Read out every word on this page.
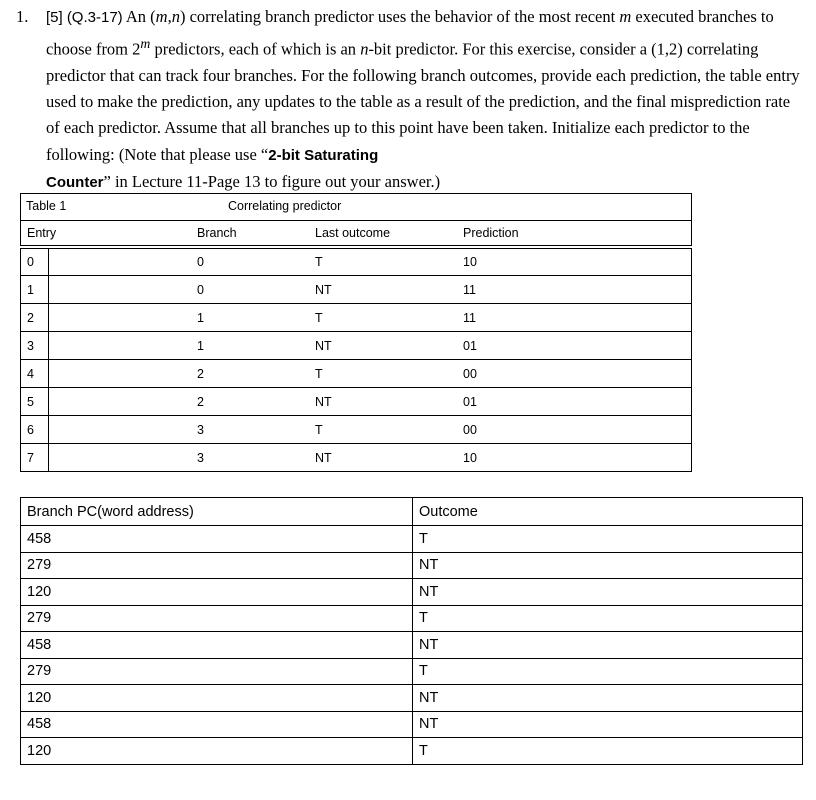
1. [5] (Q.3-17) An (m,n) correlating branch predictor uses the behavior of the most recent m executed branches to choose from 2$^m$ predictors, each of which is an n-bit predictor. For this exercise, consider a (1,2) correlating predictor that can track four branches. For the following branch outcomes, provide each prediction, the table entry used to make the prediction, any updates to the table as a result of the prediction, and the final misprediction rate of each predictor. Assume that all branches up to this point have been taken. Initialize each predictor to the following: (Note that please use “2-bit Saturating
Counter” in Lecture 11-Page 13 to figure out your answer.)
Table 1	Correlating predictor
Entry	Branch	Last outcome	Prediction
0	0	T	10
1	0	NT	11
2	1	T	11
3	1	NT	01
4	2	T	00
5	2	NT	01
6	3	T	00
7	3	NT	10
Branch PC(word address)	Outcome
458	T
279	NT
120	NT
279	T
458	NT
279	T
120	NT
458	NT
120	T
